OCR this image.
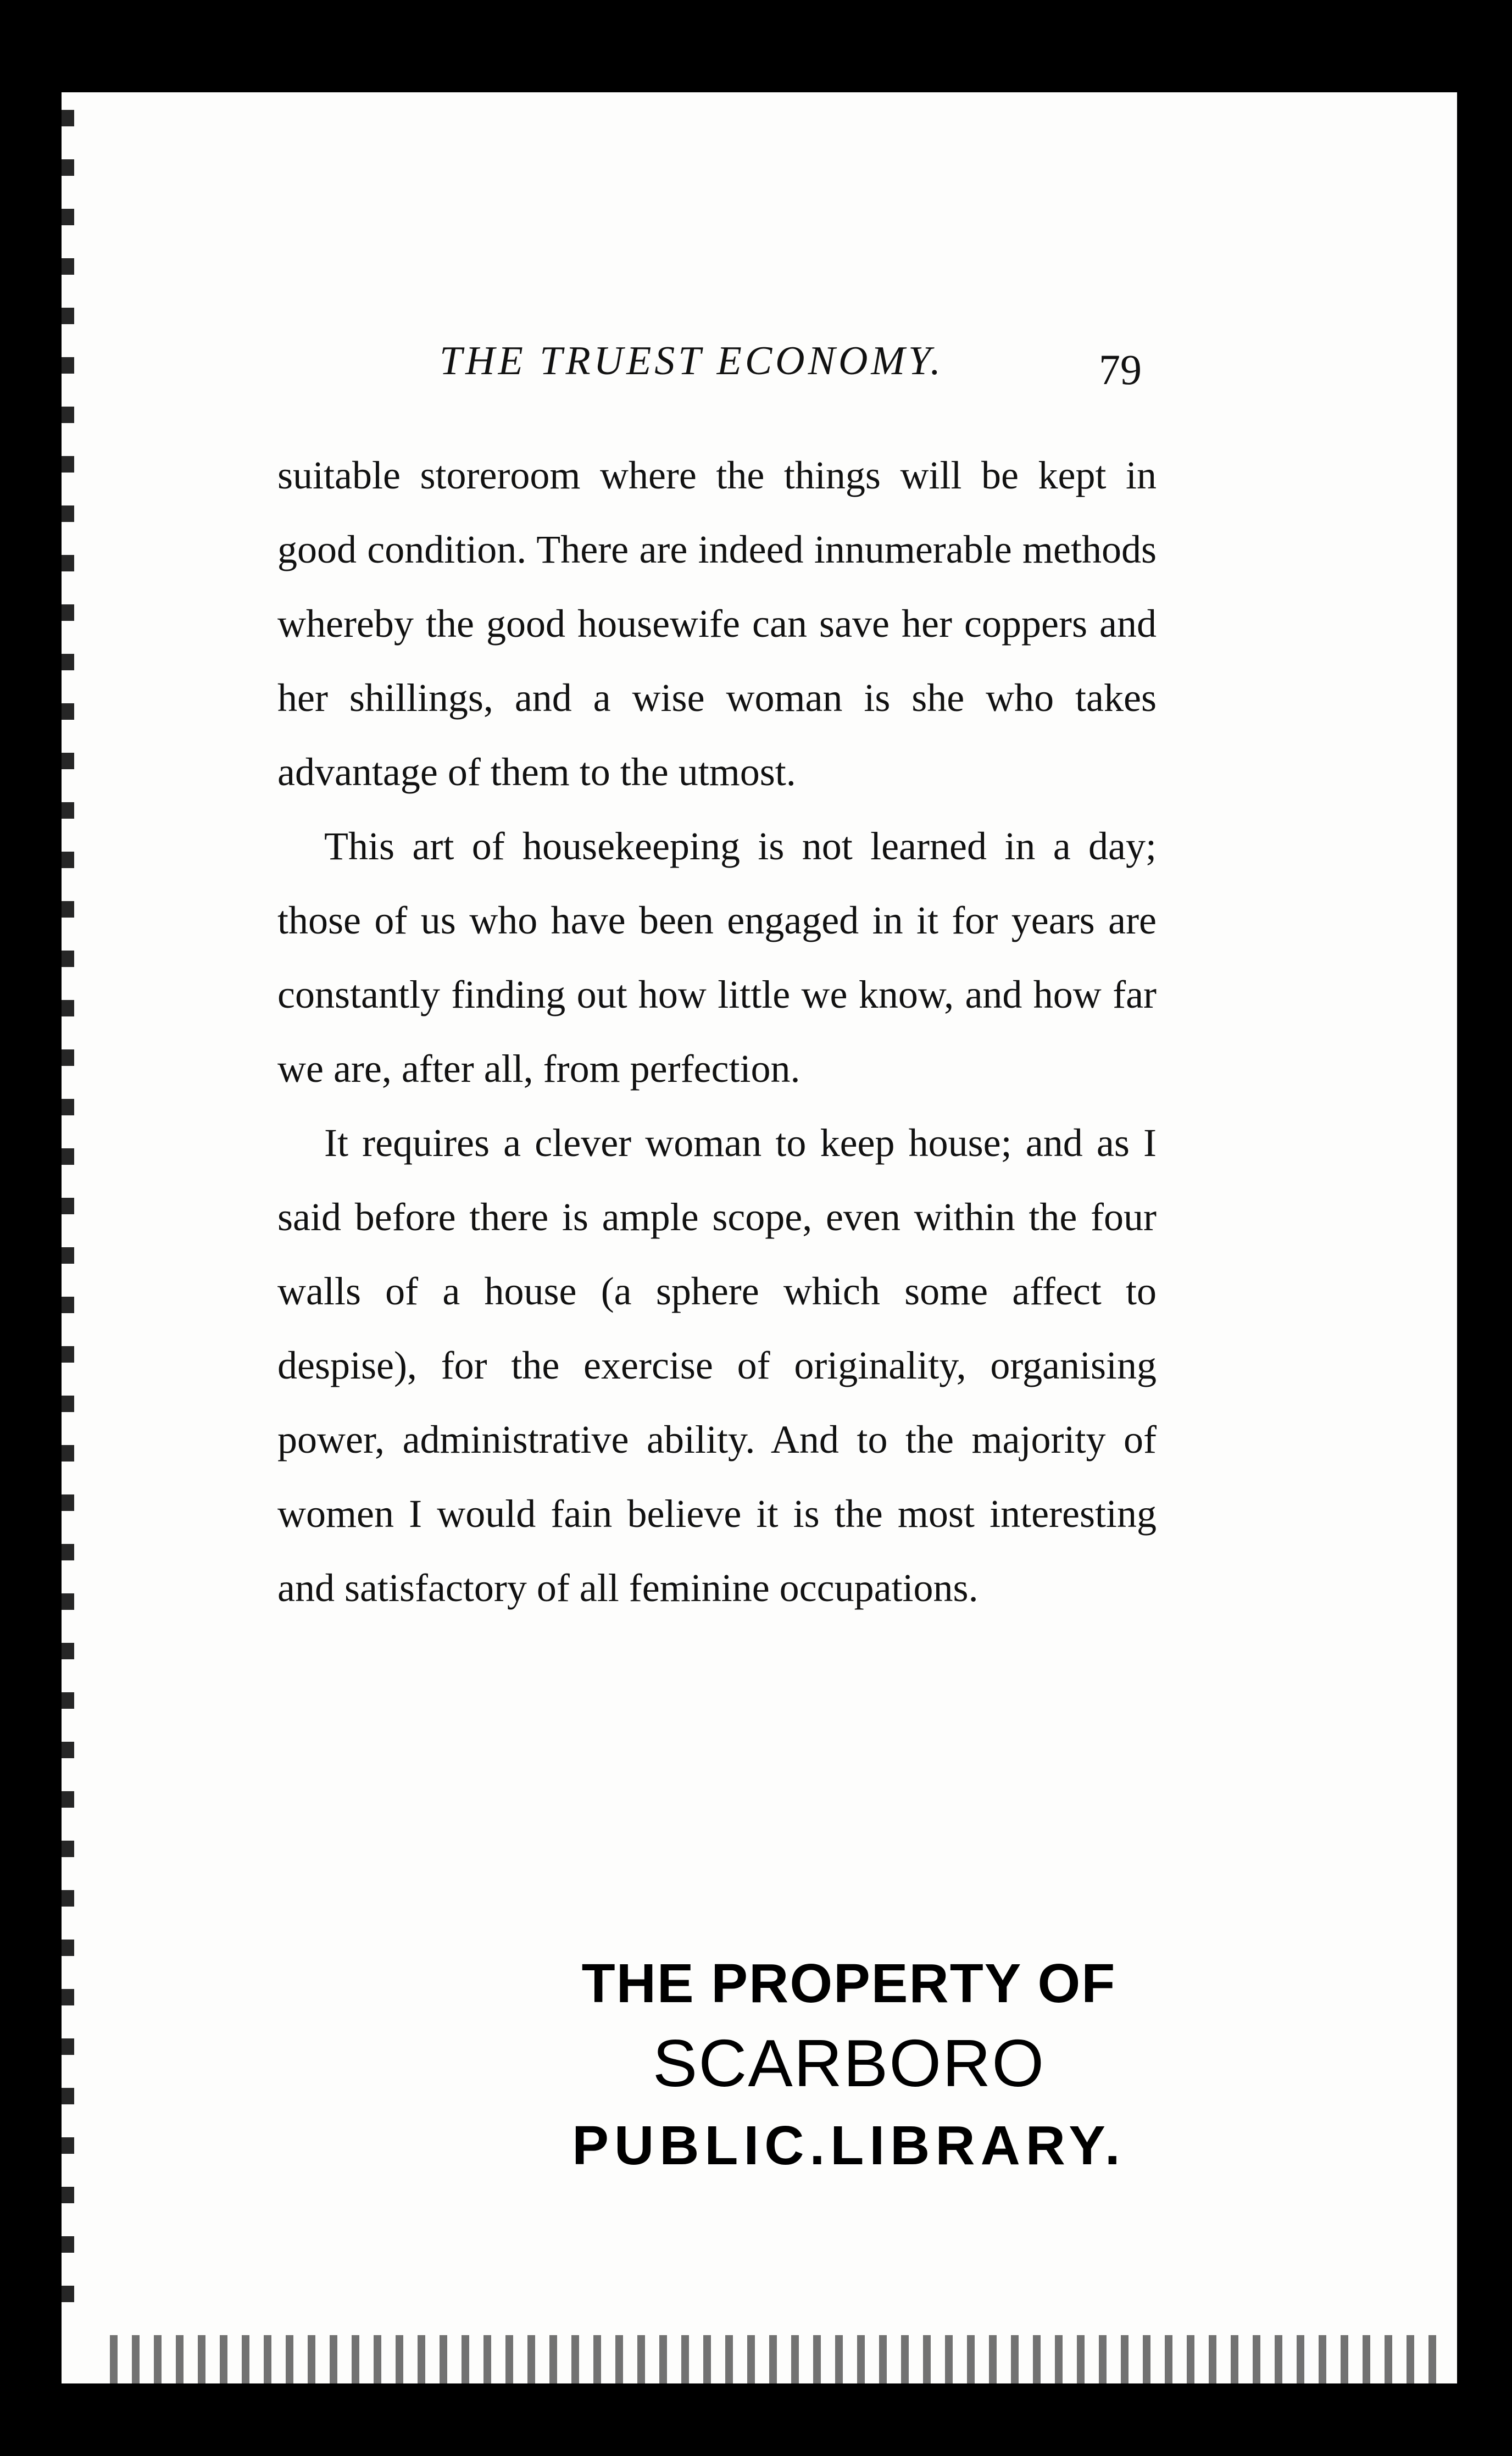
THE TRUEST ECONOMY.	79

suitable storeroom where the things will be kept in good condition. There are indeed innumerable methods whereby the good housewife can save her coppers and her shillings, and a wise woman is she who takes advantage of them to the utmost.

This art of housekeeping is not learned in a day; those of us who have been engaged in it for years are constantly finding out how little we know, and how far we are, after all, from perfection.

It requires a clever woman to keep house; and as I said before there is ample scope, even within the four walls of a house (a sphere which some affect to despise), for the exercise of originality, organising power, administrative ability. And to the majority of women I would fain believe it is the most interesting and satisfactory of all feminine occupations.

THE PROPERTY OF
SCARBORO
PUBLIC.LIBRARY.
